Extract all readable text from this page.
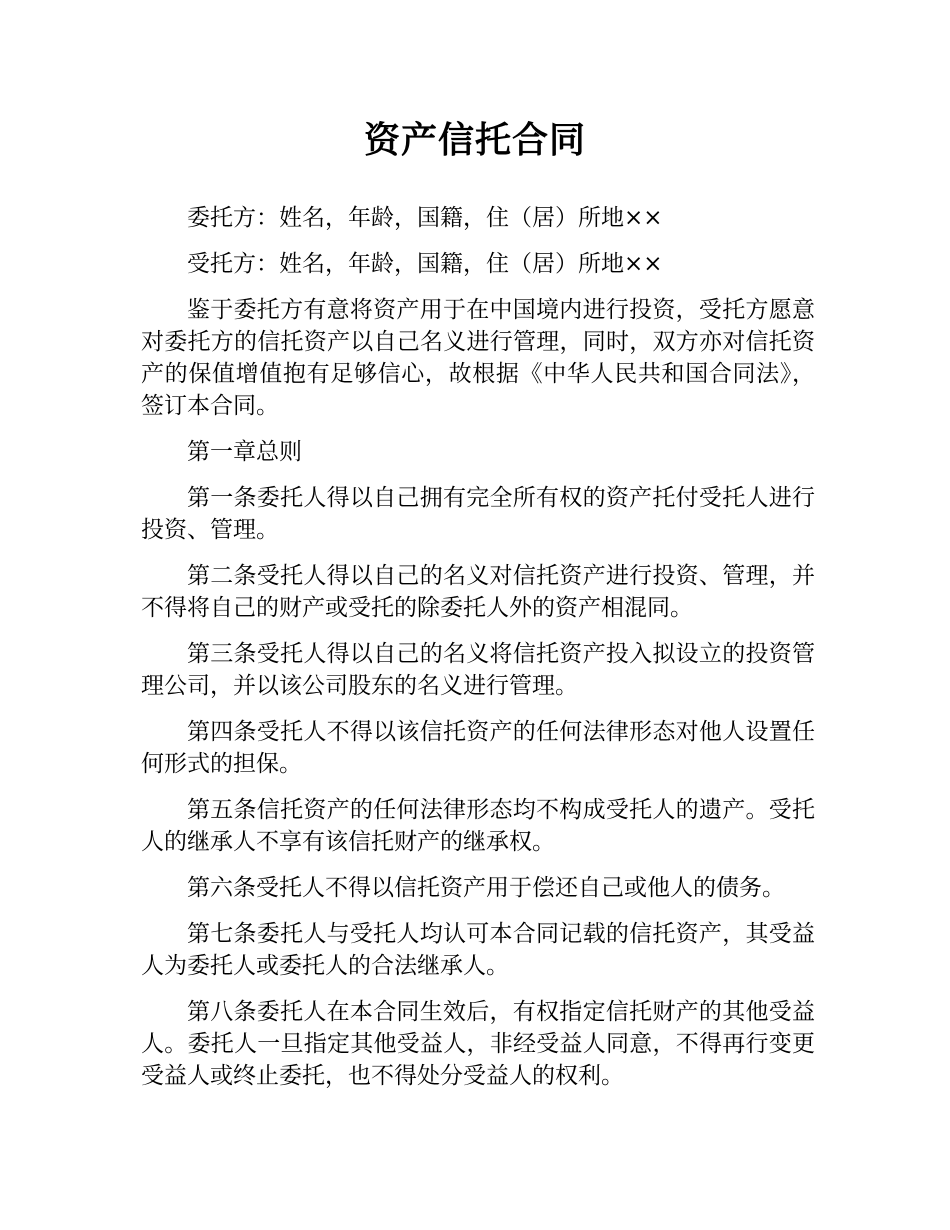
资产信托合同

委托方：姓名，年龄，国籍，住（居）所地××

受托方：姓名，年龄，国籍，住（居）所地××

鉴于委托方有意将资产用于在中国境内进行投资，受托方愿意对委托方的信托资产以自己名义进行管理，同时，双方亦对信托资产的保值增值抱有足够信心，故根据《中华人民共和国合同法》，签订本合同。

第一章总则

第一条委托人得以自己拥有完全所有权的资产托付受托人进行投资、管理。

第二条受托人得以自己的名义对信托资产进行投资、管理，并不得将自己的财产或受托的除委托人外的资产相混同。

第三条受托人得以自己的名义将信托资产投入拟设立的投资管理公司，并以该公司股东的名义进行管理。

第四条受托人不得以该信托资产的任何法律形态对他人设置任何形式的担保。

第五条信托资产的任何法律形态均不构成受托人的遗产。受托人的继承人不享有该信托财产的继承权。

第六条受托人不得以信托资产用于偿还自己或他人的债务。

第七条委托人与受托人均认可本合同记载的信托资产，其受益人为委托人或委托人的合法继承人。

第八条委托人在本合同生效后，有权指定信托财产的其他受益人。委托人一旦指定其他受益人，非经受益人同意，不得再行变更受益人或终止委托，也不得处分受益人的权利。
